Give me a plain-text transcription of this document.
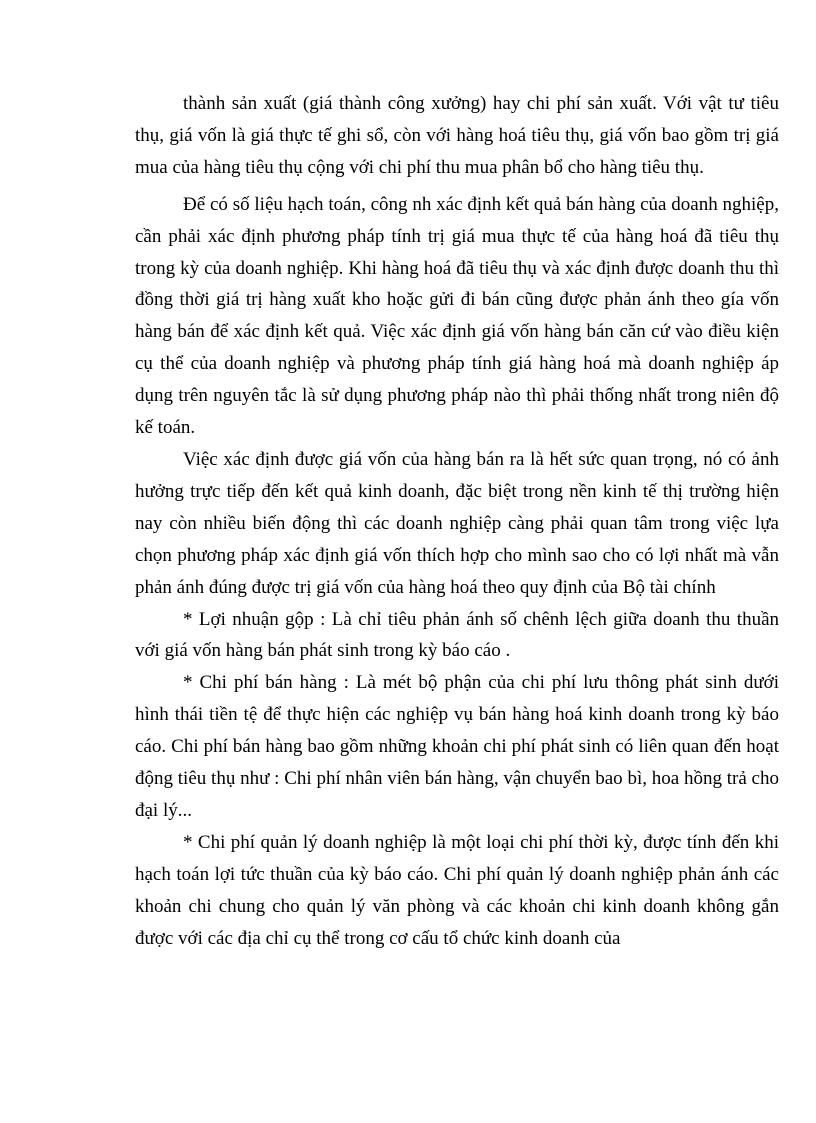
thành sản xuất (giá thành công xưởng) hay chi phí sản xuất. Với vật tư tiêu thụ, giá vốn là giá thực tế ghi sổ, còn với hàng hoá tiêu thụ, giá vốn bao gồm trị giá mua của hàng tiêu thụ cộng với chi phí thu mua phân bổ cho hàng tiêu thụ.

Để có số liệu hạch toán, công nh xác định kết quả bán hàng của doanh nghiệp, cần phải xác định phương pháp tính trị giá mua thực tế của hàng hoá đã tiêu thụ trong kỳ của doanh nghiệp. Khi hàng hoá đã tiêu thụ và xác định được doanh thu thì đồng thời giá trị hàng xuất kho hoặc gửi đi bán cũng được phản ánh theo gía vốn hàng bán để xác định kết quả. Việc xác định giá vốn hàng bán căn cứ vào điều kiện cụ thể của doanh nghiệp và phương pháp tính giá hàng hoá mà doanh nghiệp áp dụng trên nguyên tắc là sử dụng phương pháp nào thì phải thống nhất trong niên độ kế toán.

Việc xác định được giá vốn của hàng bán ra là hết sức quan trọng, nó có ảnh hưởng trực tiếp đến kết quả kinh doanh, đặc biệt trong nền kinh tế thị trường hiện nay còn nhiều biến động thì các doanh nghiệp càng phải quan tâm trong việc lựa chọn phương pháp xác định giá vốn thích hợp cho mình sao cho có lợi nhất mà vẫn phản ánh đúng được trị giá vốn của hàng hoá theo quy định của Bộ tài chính

* Lợi nhuận gộp : Là chỉ tiêu phản ánh số chênh lệch giữa doanh thu thuần với giá vốn hàng bán phát sinh trong kỳ báo cáo .

* Chi phí bán hàng : Là mét bộ phận của chi phí lưu thông phát sinh dưới hình thái tiền tệ để thực hiện các nghiệp vụ bán hàng hoá kinh doanh trong kỳ báo cáo. Chi phí bán hàng bao gồm những khoản chi phí phát sinh có liên quan đến hoạt động tiêu thụ như : Chi phí nhân viên bán hàng, vận chuyển bao bì, hoa hồng trả cho đại lý...

* Chi phí quản lý doanh nghiệp là một loại chi phí thời kỳ, được tính đến khi hạch toán lợi tức thuần của kỳ báo cáo. Chi phí quản lý doanh nghiệp phản ánh các khoản chi chung cho quản lý văn phòng và các khoản chi kinh doanh không gắn được với các địa chỉ cụ thể trong cơ cấu tổ chức kinh doanh của
